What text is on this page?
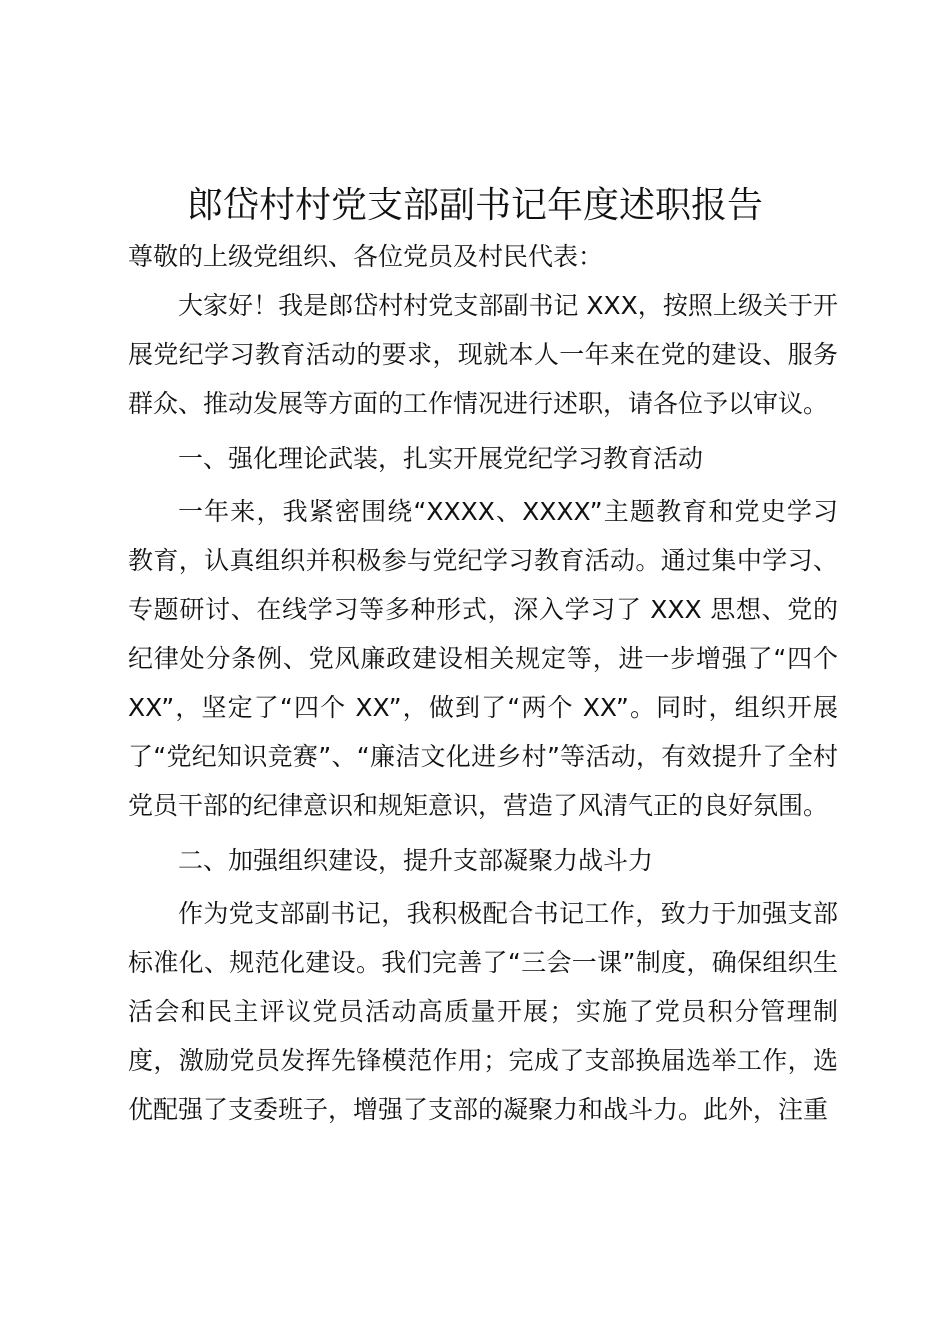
郎岱村村党支部副书记年度述职报告

尊敬的上级党组织、各位党员及村民代表：

大家好！我是郎岱村村党支部副书记 XXX，按照上级关于开展党纪学习教育活动的要求，现就本人一年来在党的建设、服务群众、推动发展等方面的工作情况进行述职，请各位予以审议。

一、强化理论武装，扎实开展党纪学习教育活动

一年来，我紧密围绕“XXXX、XXXX”主题教育和党史学习教育，认真组织并积极参与党纪学习教育活动。通过集中学习、专题研讨、在线学习等多种形式，深入学习了 XXX 思想、党的纪律处分条例、党风廉政建设相关规定等，进一步增强了“四个 XX”，坚定了“四个 XX”，做到了“两个 XX”。同时，组织开展了“党纪知识竞赛”、“廉洁文化进乡村”等活动，有效提升了全村党员干部的纪律意识和规矩意识，营造了风清气正的良好氛围。

二、加强组织建设，提升支部凝聚力战斗力

作为党支部副书记，我积极配合书记工作，致力于加强支部标准化、规范化建设。我们完善了“三会一课”制度，确保组织生活会和民主评议党员活动高质量开展；实施了党员积分管理制度，激励党员发挥先锋模范作用；完成了支部换届选举工作，选优配强了支委班子，增强了支部的凝聚力和战斗力。此外，注重
